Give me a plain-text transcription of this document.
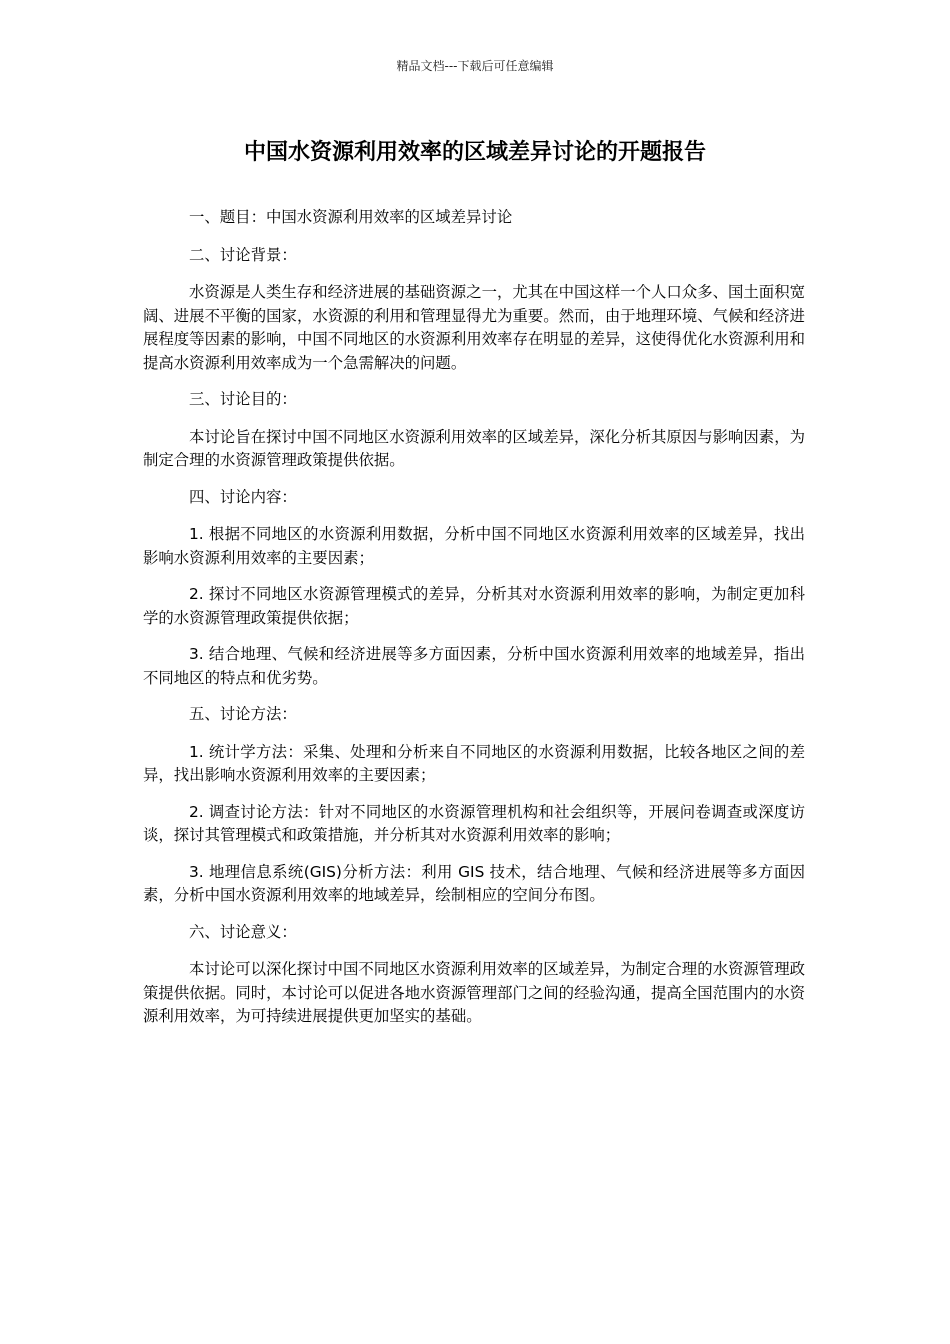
精品文档---下载后可任意编辑
中国水资源利用效率的区域差异讨论的开题报告

一、题目：中国水资源利用效率的区域差异讨论

二、讨论背景：

水资源是人类生存和经济进展的基础资源之一，尤其在中国这样一个人口众多、国土面积宽阔、进展不平衡的国家，水资源的利用和管理显得尤为重要。然而，由于地理环境、气候和经济进展程度等因素的影响，中国不同地区的水资源利用效率存在明显的差异，这使得优化水资源利用和提高水资源利用效率成为一个急需解决的问题。

三、讨论目的：

本讨论旨在探讨中国不同地区水资源利用效率的区域差异，深化分析其原因与影响因素，为制定合理的水资源管理政策提供依据。

四、讨论内容：

1. 根据不同地区的水资源利用数据，分析中国不同地区水资源利用效率的区域差异，找出影响水资源利用效率的主要因素；

2. 探讨不同地区水资源管理模式的差异，分析其对水资源利用效率的影响，为制定更加科学的水资源管理政策提供依据；

3. 结合地理、气候和经济进展等多方面因素，分析中国水资源利用效率的地域差异，指出不同地区的特点和优劣势。

五、讨论方法：

1. 统计学方法：采集、处理和分析来自不同地区的水资源利用数据，比较各地区之间的差异，找出影响水资源利用效率的主要因素；

2. 调查讨论方法：针对不同地区的水资源管理机构和社会组织等，开展问卷调查或深度访谈，探讨其管理模式和政策措施，并分析其对水资源利用效率的影响；

3. 地理信息系统(GIS)分析方法：利用 GIS 技术，结合地理、气候和经济进展等多方面因素，分析中国水资源利用效率的地域差异，绘制相应的空间分布图。

六、讨论意义：

本讨论可以深化探讨中国不同地区水资源利用效率的区域差异，为制定合理的水资源管理政策提供依据。同时，本讨论可以促进各地水资源管理部门之间的经验沟通，提高全国范围内的水资源利用效率，为可持续进展提供更加坚实的基础。
